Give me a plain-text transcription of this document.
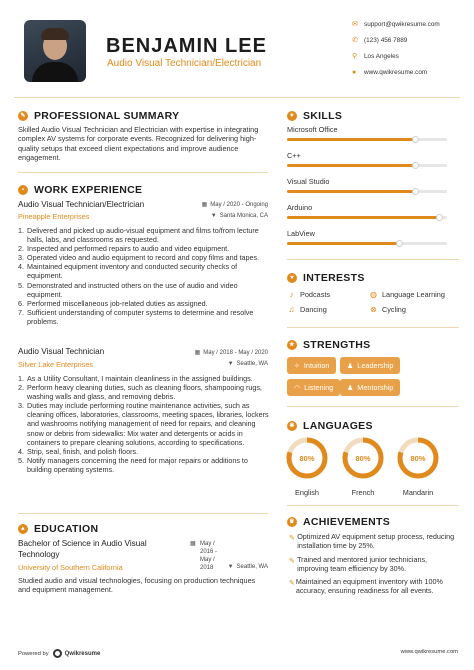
BENJAMIN LEE
Audio Visual Technician/Electrician
✉ support@qwikresume.com
✆ (123) 456 7889
⚲	Los Angeles
●	www.qwikresume.com
✎ PROFESSIONAL SUMMARY
Skilled Audio Visual Technician and Electrician with expertise in integrating complex AV systems for corporate events. Recognized for delivering high-quality setups that exceed client expectations and improve audience engagement.
▪ WORK EXPERIENCE
Audio Visual Technician/Electrician	▦ May / 2020 - Ongoing
Pineapple Enterprises	▼ Santa Monica, CA
1. Delivered and picked up audio-visual equipment and films to/from lecture halls, labs, and classrooms as requested.
2. Inspected and performed repairs to audio and video equipment.
3. Operated video and audio equipment to record and copy films and tapes.
4. Maintained equipment inventory and conducted security checks of equipment.
5. Demonstrated and instructed others on the use of audio and video equipment.
6. Performed miscellaneous job-related duties as assigned.
7. Sufficient understanding of computer systems to determine and resolve problems.
Audio Visual Technician	▦ May / 2018 - May / 2020
Silver Lake Enterprises	▼ Seattle, WA
1. As a Utility Consultant, I maintain cleanliness in the assigned buildings.
2. Perform heavy cleaning duties, such as cleaning floors, shampooing rugs, washing walls and glass, and removing debris.
3. Duties may include performing routine maintenance activities, such as cleaning offices, laboratories, classrooms, meeting spaces, libraries, lockers and washrooms notifying management of need for repairs, and cleaning snow or debris from sidewalks: Mix water and detergents or acids in containers to prepare cleaning solutions, according to specifications.
4. Strip, seal, finish, and polish floors.
5. Notify managers concerning the need for major repairs or additions to building operating systems.
▲ EDUCATION
Bachelor of Science in Audio Visual
Technology
▦ May /
2016 -
May /
2018
University of Southern California	▼ Seattle, WA
Studied audio and visual technologies, focusing on production techniques and equipment management.
✦ SKILLS
Microsoft Office
C++
Visual Studio
Arduino
LabView
♥ INTERESTS
♪ Podcasts	◍ Language Learning
♫ Dancing	⊗ Cycling
★ STRENGTHS
✧ Intuition	♟ Leadership
◠ Listening ♟ Mentorship
✱ LANGUAGES
80%
English
80%
French
80%
Mandarin
♛ ACHIEVEMENTS
✎ Optimized AV equipment setup process, reducing installation time by 25%.
✎ Trained and mentored junior technicians, improving team efficiency by 30%.
✎ Maintained an equipment inventory with 100% accuracy, ensuring readiness for all events.
Powered by	Qwikresume	www.qwikresume.com
